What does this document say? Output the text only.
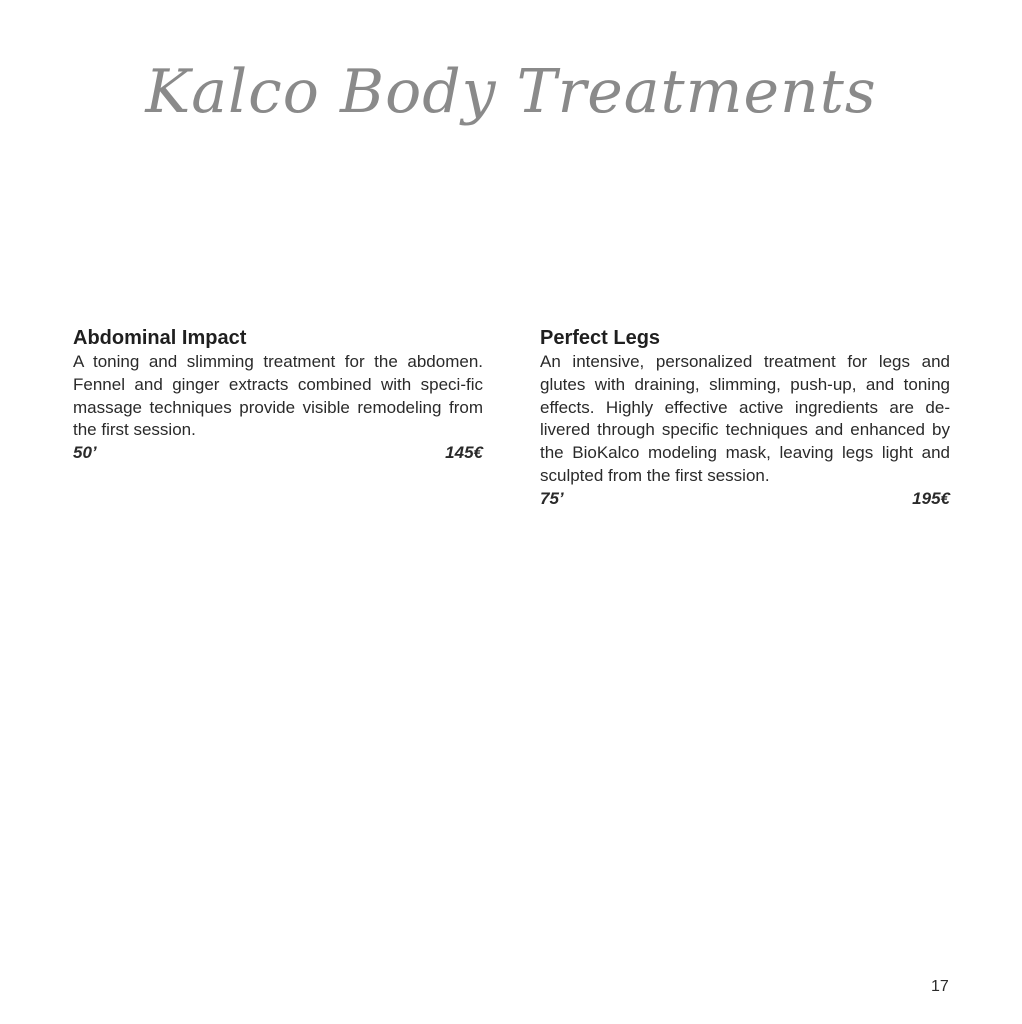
Kalco Body Treatments
Abdominal Impact

A toning and slimming treatment for the abdomen. Fennel and ginger extracts combined with speci-fic massage techniques provide visible remodeling from the first session.

50’	145€
Perfect Legs

An intensive, personalized treatment for legs and glutes with draining, slimming, push-up, and toning effects. Highly effective active ingredients are de-livered through specific techniques and enhanced by the BioKalco modeling mask, leaving legs light and sculpted from the first session.

75’	195€
17
